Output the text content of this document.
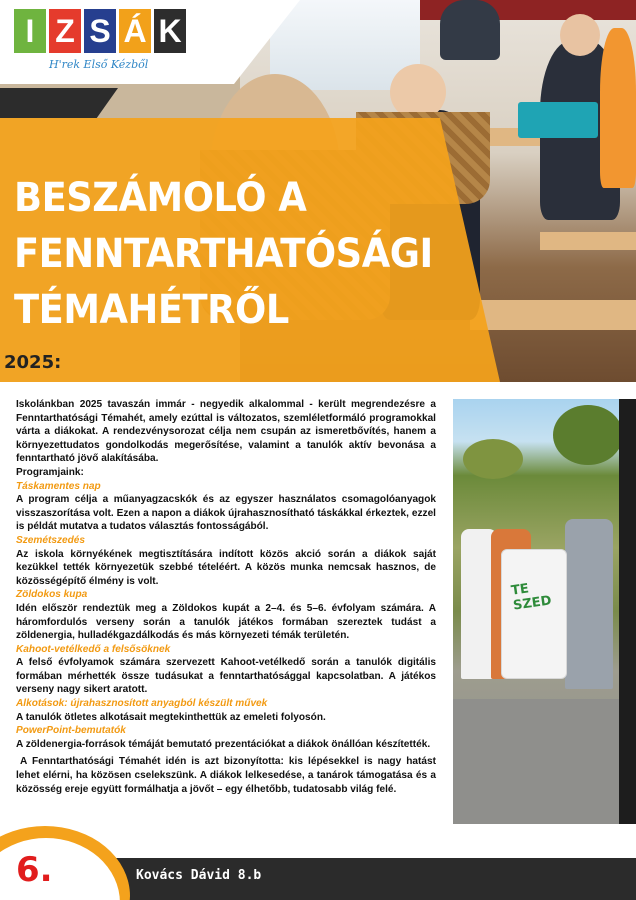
I Z S Á K
H'rek Első Kézből
BESZÁMOLÓ A
FENNTARTHATÓSÁGI
TÉMAHÉTRŐL
2025:

Iskolánkban 2025 tavaszán immár - negyedik alkalommal - került megrendezésre a Fenntarthatósági Témahét, amely ezúttal is változatos, szemléletformáló programokkal várta a diákokat. A rendezvénysorozat célja nem csupán az ismeretbővítés, hanem a környezettudatos gondolkodás megerősítése, valamint a tanulók aktív bevonása a fenntartható jövő alakításába.

Programjaink:
Táskamentes nap

A program célja a műanyagzacskók és az egyszer használatos csomagolóanyagok visszaszorítása volt. Ezen a napon a diákok újrahasznosítható táskákkal érkeztek, ezzel is példát mutatva a tudatos választás fontosságából.

Szemétszedés

Az iskola környékének megtisztítására indított közös akció során a diákok saját kezükkel tették környezetük szebbé tételéért. A közös munka nemcsak hasznos, de közösségépítő élmény is volt.

Zöldokos kupa

Idén először rendeztük meg a Zöldokos kupát a 2–4. és 5–6. évfolyam számára. A háromfordulós verseny során a tanulók játékos formában szereztek tudást a zöldenergia, hulladékgazdálkodás és más környezeti témák területén.

Kahoot-vetélkedő a felsősöknek

A felső évfolyamok számára szervezett Kahoot-vetélkedő során a tanulók digitális formában mérhették össze tudásukat a fenntarthatósággal kapcsolatban. A játékos verseny nagy sikert aratott.

Alkotások: újrahasznosított anyagból készült művek

A tanulók ötletes alkotásait megtekinthettük az emeleti folyosón.

PowerPoint-bemutatók

A zöldenergia-források témáját bemutató prezentációkat a diákok önállóan készítették.

A Fenntarthatósági Témahét idén is azt bizonyította: kis lépésekkel is nagy hatást lehet elérni, ha közösen cselekszünk. A diákok lelkesedése, a tanárok támogatása és a közösség ereje együtt formálhatja a jövőt – egy élhetőbb, tudatosabb világ felé.

TE SZED
6.	Kovács Dávid 8.b
